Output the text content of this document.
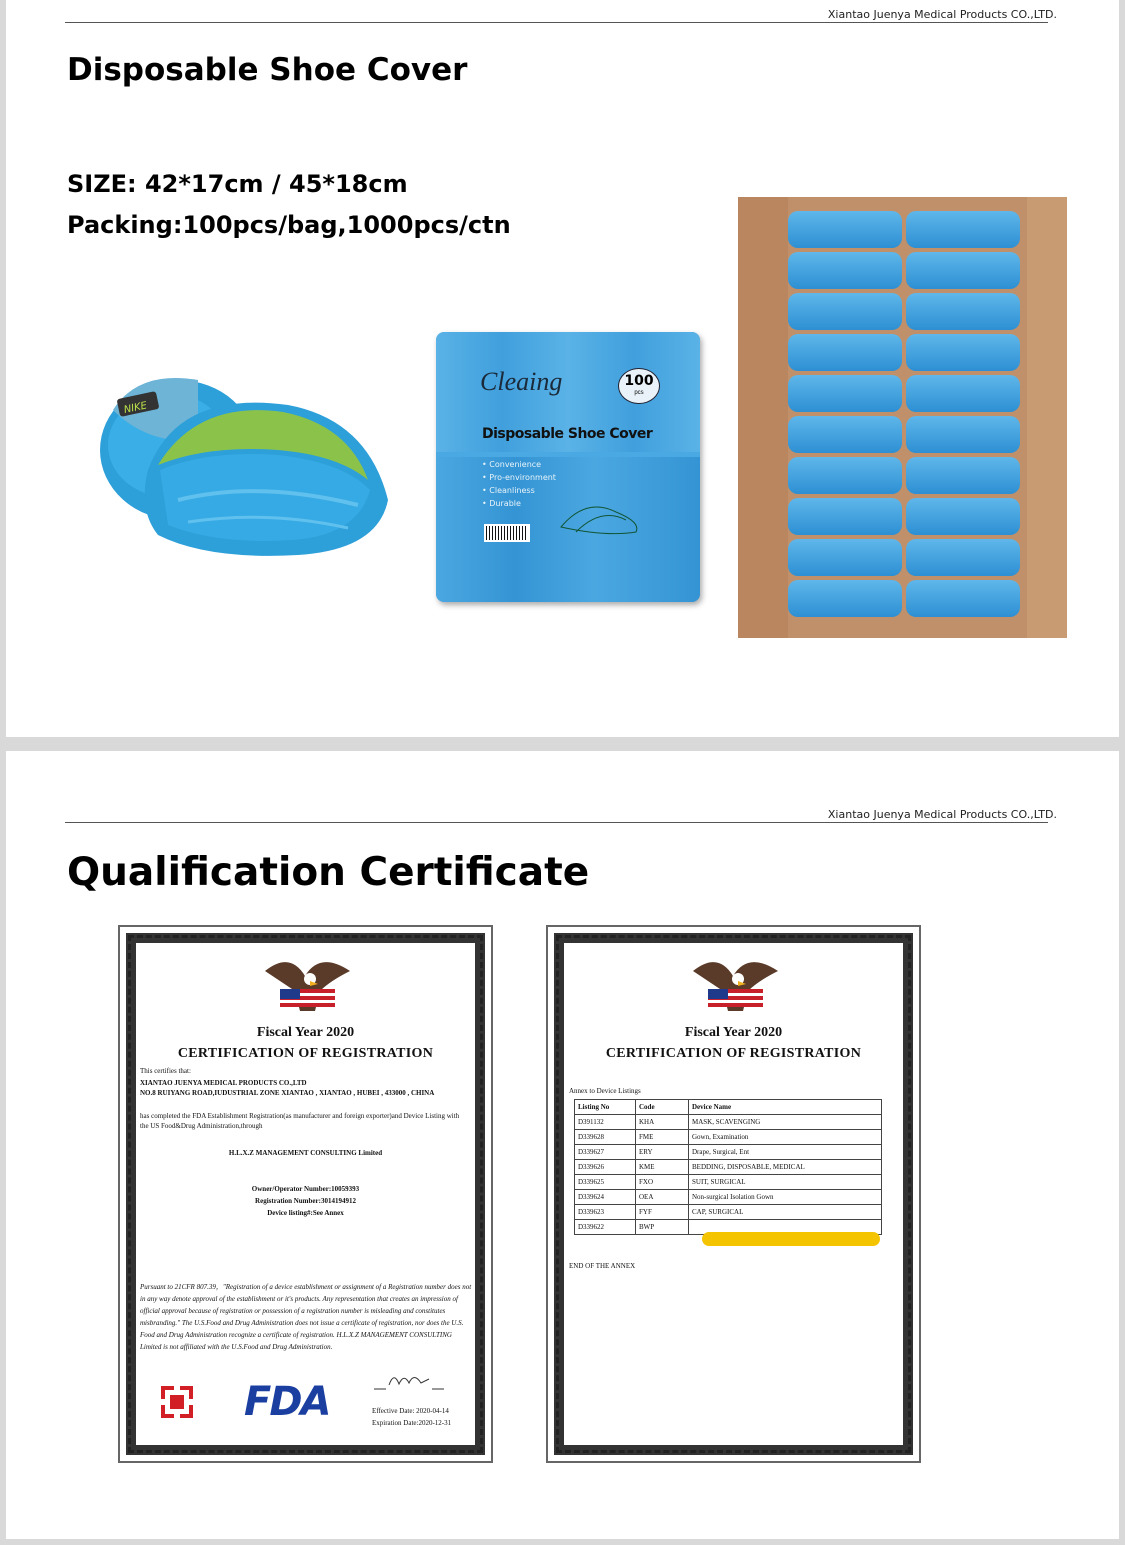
Xiantao Juenya Medical Products CO.,LTD.
Disposable Shoe Cover
SIZE: 42*17cm / 45*18cm
Packing:100pcs/bag,1000pcs/ctn
NIKE
Cleaing	100
pcs
Disposable Shoe Cover
• Convenience
• Pro-environment
• Cleanliness
• Durable
Xiantao Juenya Medical Products CO.,LTD.
Qualification Certificate
Fiscal Year 2020
CERTIFICATION OF REGISTRATION
This certifies that:
XIANTAO JUENYA MEDICAL PRODUCTS CO.,LTD
NO.8 RUIYANG ROAD,IUDUSTRIAL ZONE XIANTAO , XIANTAO , HUBEI , 433000 , CHINA
has completed the FDA Establishment Registration(as manufacturer and foreign exporter)and Device Listing with the US Food&Drug Administration,through
H.L.X.Z MANAGEMENT CONSULTING Limited
Owner/Operator Number:10059393
Registration Number:3014194912
Device listing#:See Annex
Pursuant to 21CFR 807.39，"Registration of a device establishment or assignment of a Registration number does not in any way denote approval of the establishment or it's products. Any representation that creates an impression of official approval because of registration or possession of a registration number is misleading and constitutes misbranding." The U.S.Food and Drug Administration does not issue a certificate of registration, nor does the U.S. Food and Drug Administration recognize a certificate of registration. H.L.X.Z MANAGEMENT CONSULTING Limited is not affiliated with the U.S.Food and Drug Administration.
FDA	Effective Date: 2020-04-14
Expiration Date:2020-12-31
Fiscal Year 2020
CERTIFICATION OF REGISTRATION
Annex to Device Listings
Listing No	Code	Device Name
D391132	KHA	MASK, SCAVENGING
D339628	FME	Gown, Examination
D339627	ERY	Drape, Surgical, Ent
D339626	KME	BEDDING, DISPOSABLE, MEDICAL
D339625	FXO	SUIT, SURGICAL
D339624	OEA	Non-surgical Isolation Gown
D339623	FYF	CAP, SURGICAL
D339622	BWP	
END OF THE ANNEX
